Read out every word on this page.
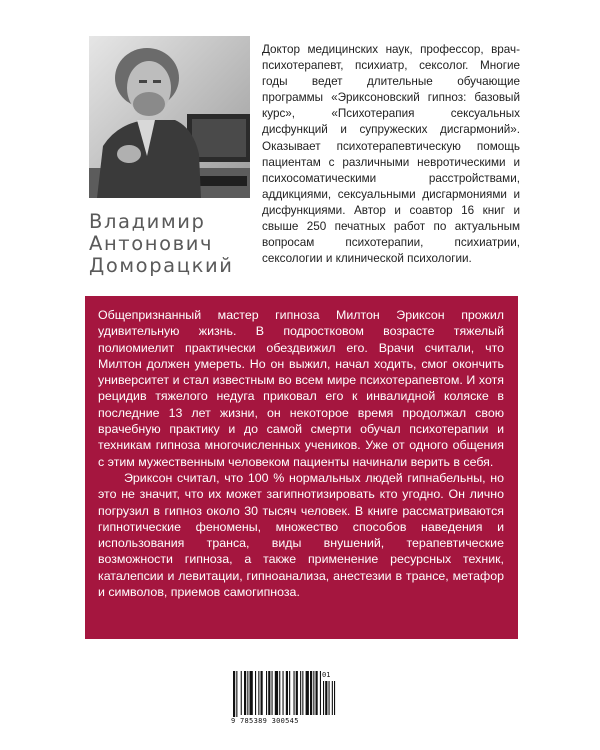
Владимир
Антонович
Доморацкий
Доктор медицинских наук, профессор, врач-психотерапевт, психиатр, сексолог. Многие годы ведет длительные обучающие программы «Эриксоновский гипноз: базовый курс», «Психотерапия сексуальных дисфункций и супружеских дисгармоний». Оказывает психотерапевтическую помощь пациентам с различными невротическими и психосоматическими расстройствами, аддикциями, сексуальными дисгармониями и дисфункциями. Автор и соавтор 16 книг и свыше 250 печатных работ по актуальным вопросам психотерапии, психиатрии, сексологии и клинической психологии.

Общепризнанный мастер гипноза Милтон Эриксон прожил удивительную жизнь. В подростковом возрасте тяжелый полиомиелит практически обездвижил его. Врачи считали, что Милтон должен умереть. Но он выжил, начал ходить, смог окончить университет и стал известным во всем мире психотерапевтом. И хотя рецидив тяжелого недуга приковал его к инвалидной коляске в последние 13 лет жизни, он некоторое время продолжал свою врачебную практику и до самой смерти обучал психотерапии и техникам гипноза многочисленных учеников. Уже от одного общения с этим мужественным человеком пациенты начинали верить в себя.

Эриксон считал, что 100 % нормальных людей гипнабельны, но это не значит, что их может загипнотизировать кто угодно. Он лично погрузил в гипноз около 30 тысяч человек. В книге рассматриваются гипнотические феномены, множество способов наведения и использования транса, виды внушений, терапевтические возможности гипноза, а также применение ресурсных техник, каталепсии и левитации, гипноанализа, анестезии в трансе, метафор и символов, приемов самогипноза.

9 785389 300545
01
